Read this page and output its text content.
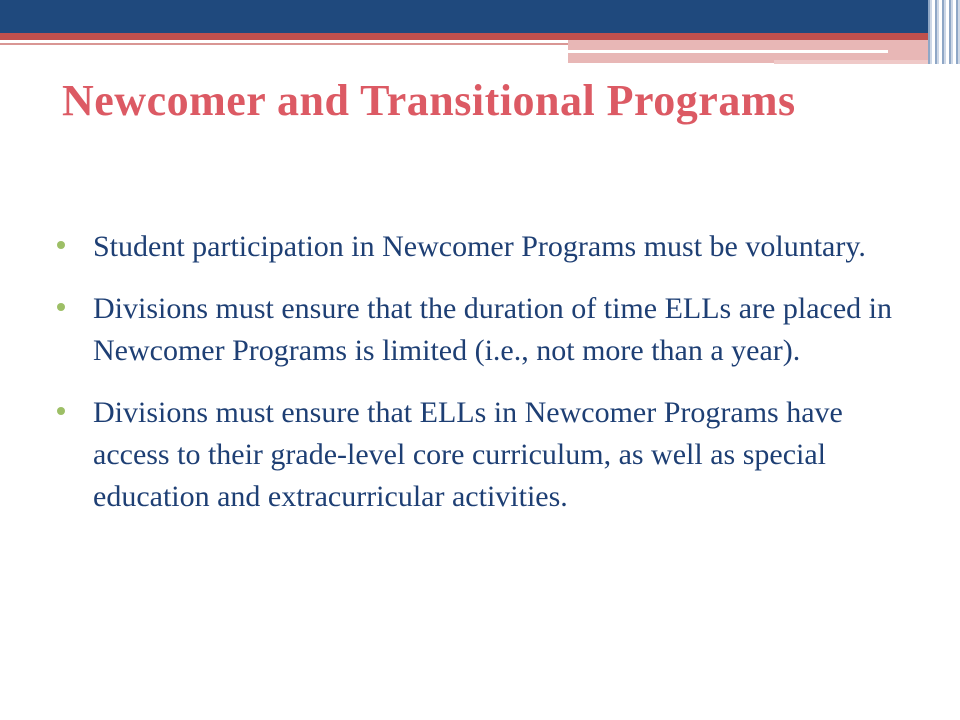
Newcomer and Transitional Programs
Student participation in Newcomer Programs must be voluntary.
Divisions must ensure that the duration of time ELLs are placed in Newcomer Programs is limited (i.e., not more than a year).
Divisions must ensure that ELLs in Newcomer Programs have access to their grade-level core curriculum, as well as special education and extracurricular activities.
